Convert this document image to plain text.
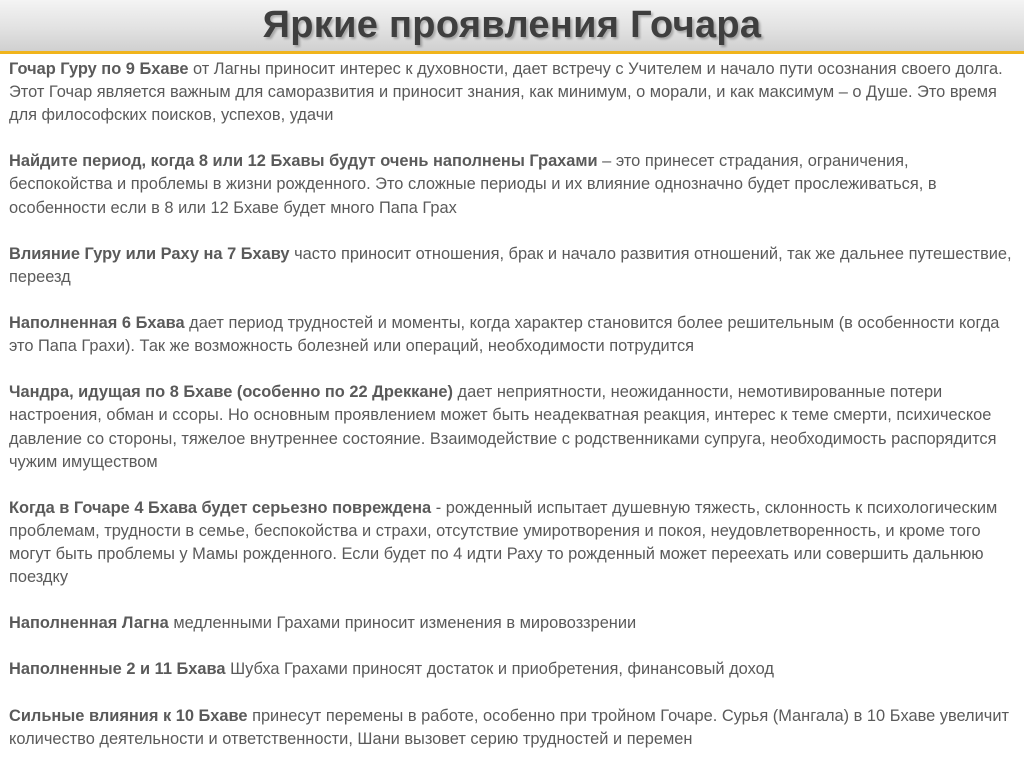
Яркие проявления Гочара

Гочар Гуру по 9 Бхаве от Лагны приносит интерес к духовности, дает встречу с Учителем и начало пути осознания своего долга. Этот Гочар является важным для саморазвития и приносит знания, как минимум, о морали, и как максимум – о Душе. Это время для философских поисков, успехов, удачи

Найдите период, когда 8 или 12 Бхавы будут очень наполнены Грахами – это принесет страдания, ограничения, беспокойства и проблемы в жизни рожденного. Это сложные периоды и их влияние однозначно будет прослеживаться, в особенности если в 8 или 12 Бхаве будет много Папа Грах

Влияние Гуру или Раху на 7 Бхаву часто приносит отношения, брак и начало развития отношений, так же дальнее путешествие, переезд

Наполненная 6 Бхава дает период трудностей и моменты, когда характер становится более решительным (в особенности когда это Папа Грахи). Так же возможность болезней или операций, необходимости потрудится

Чандра, идущая по 8 Бхаве (особенно по 22 Дреккане) дает неприятности, неожиданности, немотивированные потери настроения, обман и ссоры. Но основным проявлением может быть неадекватная реакция, интерес к теме смерти, психическое давление со стороны, тяжелое внутреннее состояние. Взаимодействие с родственниками супруга, необходимость распорядится чужим имуществом

Когда в Гочаре 4 Бхава будет серьезно повреждена - рожденный испытает душевную тяжесть, склонность к психологическим проблемам, трудности в семье, беспокойства и страхи, отсутствие умиротворения и покоя, неудовлетворенность, и кроме того могут быть проблемы у Мамы рожденного. Если будет по 4 идти Раху то рожденный может переехать или совершить дальнюю поездку

Наполненная Лагна медленными Грахами приносит изменения в мировоззрении

Наполненные 2 и 11 Бхава Шубха Грахами приносят достаток и приобретения, финансовый доход

Сильные влияния к 10 Бхаве принесут перемены в работе, особенно при тройном Гочаре. Сурья (Мангала) в 10 Бхаве увеличит количество деятельности и ответственности, Шани вызовет серию трудностей и перемен
